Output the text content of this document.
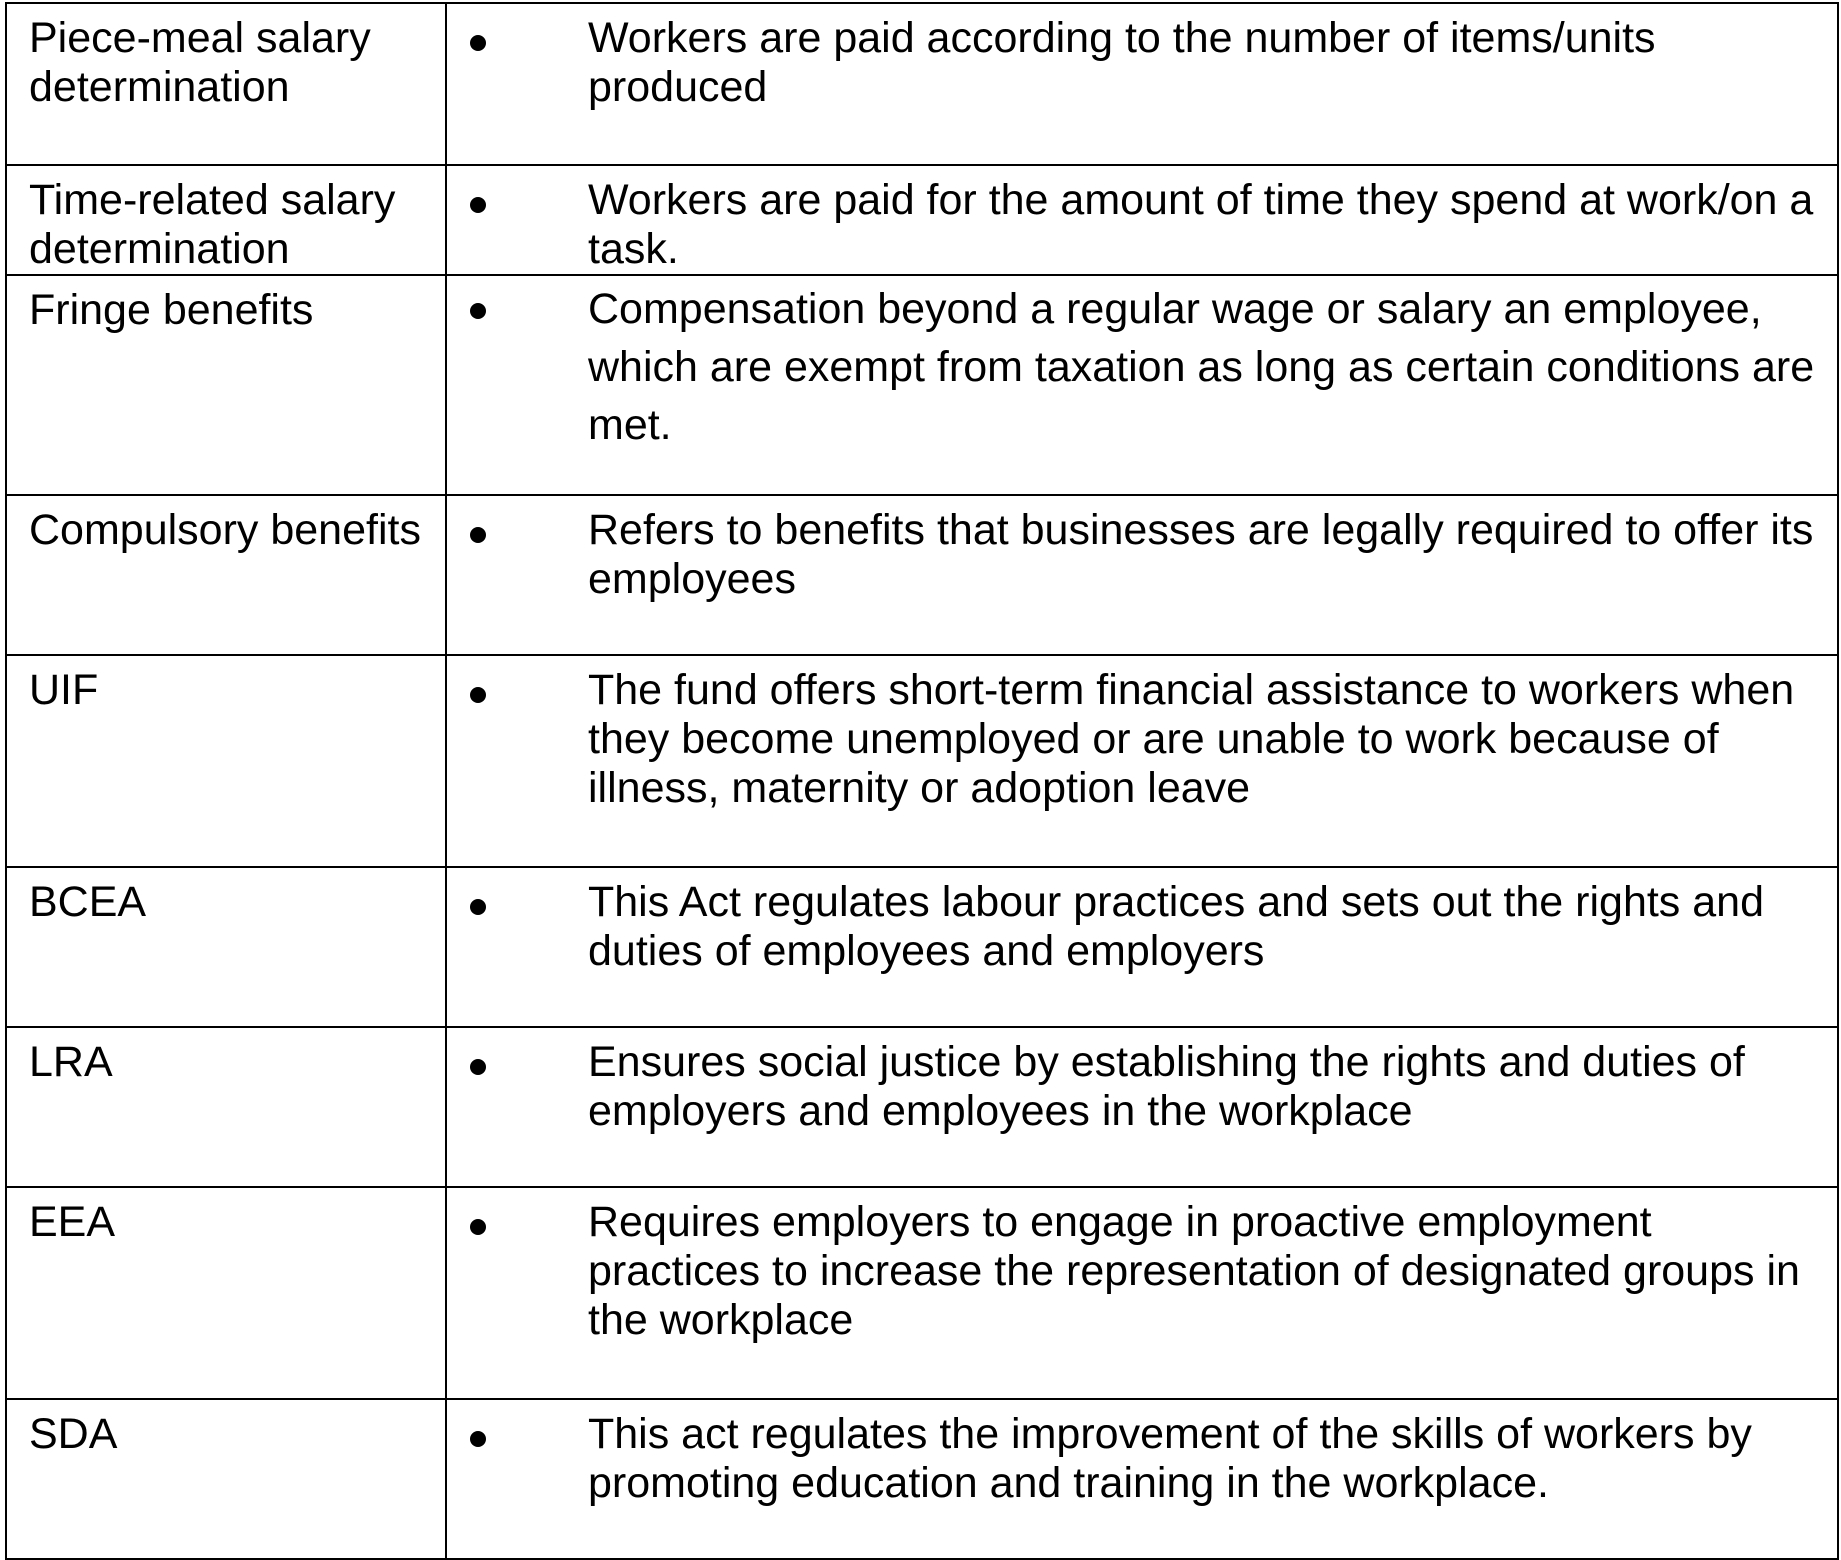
Piece-meal salary determination	Workers are paid according to the number of items/units produced

Time-related salary determination	Workers are paid for the amount of time they spend at work/on a task.

Fringe benefits	Compensation beyond a regular wage or salary an employee, which are exempt from taxation as long as certain conditions are met.

Compulsory benefits	Refers to benefits that businesses are legally required to offer its employees

UIF	The fund offers short-term financial assistance to workers when they become unemployed or are unable to work because of illness, maternity or adoption leave

BCEA	This Act regulates labour practices and sets out the rights and duties of employees and employers

LRA	Ensures social justice by establishing the rights and duties of employers and employees in the workplace

EEA	Requires employers to engage in proactive employment practices to increase the representation of designated groups in the workplace

SDA	This act regulates the improvement of the skills of workers by promoting education and training in the workplace.
